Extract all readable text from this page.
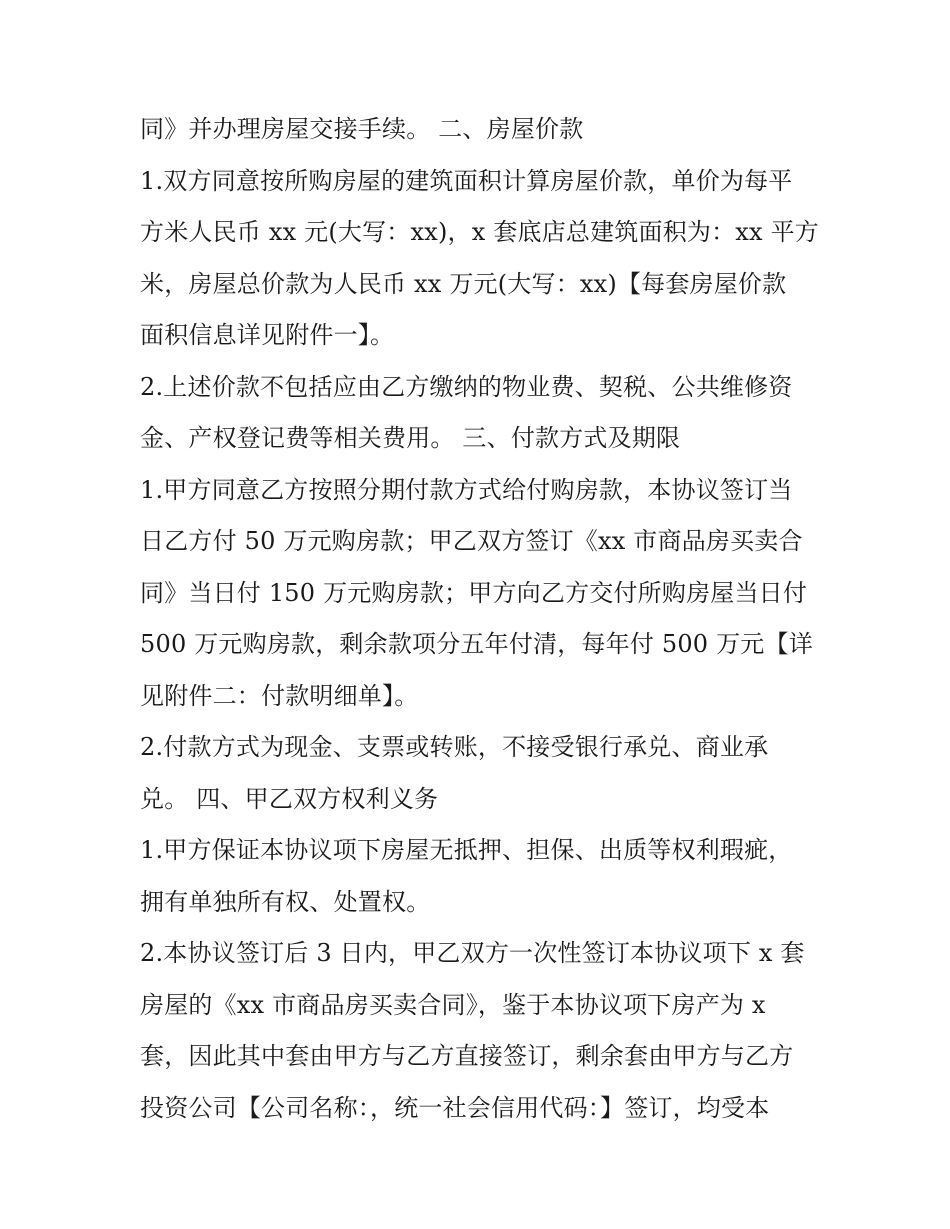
同》并办理房屋交接手续。 二、房屋价款
1.双方同意按所购房屋的建筑面积计算房屋价款，单价为每平
方米人民币 xx 元(大写：xx)，x 套底店总建筑面积为：xx 平方
米，房屋总价款为人民币 xx 万元(大写：xx)【每套房屋价款
面积信息详见附件一】。
2.上述价款不包括应由乙方缴纳的物业费、契税、公共维修资
金、产权登记费等相关费用。 三、付款方式及期限
1.甲方同意乙方按照分期付款方式给付购房款，本协议签订当
日乙方付 50 万元购房款；甲乙双方签订《xx 市商品房买卖合
同》当日付 150 万元购房款；甲方向乙方交付所购房屋当日付
500 万元购房款，剩余款项分五年付清，每年付 500 万元【详
见附件二：付款明细单】。
2.付款方式为现金、支票或转账，不接受银行承兑、商业承
兑。 四、甲乙双方权利义务
1.甲方保证本协议项下房屋无抵押、担保、出质等权利瑕疵，
拥有单独所有权、处置权。
2.本协议签订后 3 日内，甲乙双方一次性签订本协议项下 x 套
房屋的《xx 市商品房买卖合同》，鉴于本协议项下房产为 x
套，因此其中套由甲方与乙方直接签订，剩余套由甲方与乙方
投资公司【公司名称：，统一社会信用代码：】签订，均受本
